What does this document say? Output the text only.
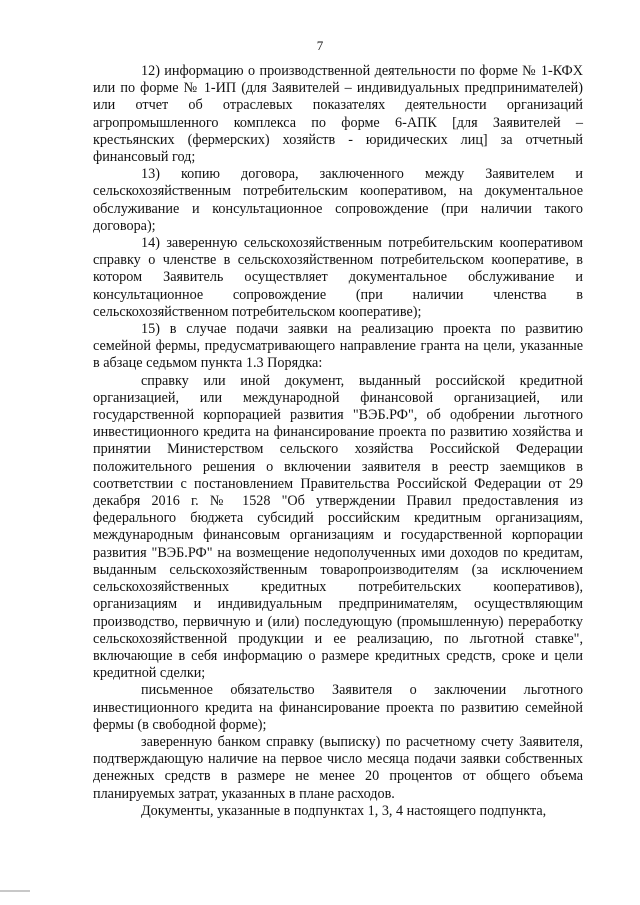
7

12) информацию о производственной деятельности по форме № 1-КФХ или по форме № 1-ИП (для Заявителей – индивидуальных предпринимателей) или отчет об отраслевых показателях деятельности организаций агропромышленного комплекса по форме 6-АПК [для Заявителей – крестьянских (фермерских) хозяйств - юридических лиц] за отчетный финансовый год;

13) копию договора, заключенного между Заявителем и сельскохозяйственным потребительским кооперативом, на документальное обслуживание и консультационное сопровождение (при наличии такого договора);

14) заверенную сельскохозяйственным потребительским кооперативом справку о членстве в сельскохозяйственном потребительском кооперативе, в котором Заявитель осуществляет документальное обслуживание и консультационное сопровождение (при наличии членства в сельскохозяйственном потребительском кооперативе);

15) в случае подачи заявки на реализацию проекта по развитию семейной фермы, предусматривающего направление гранта на цели, указанные в абзаце седьмом пункта 1.3 Порядка:

справку или иной документ, выданный российской кредитной организацией, или международной финансовой организацией, или государственной корпорацией развития "ВЭБ.РФ", об одобрении льготного инвестиционного кредита на финансирование проекта по развитию хозяйства и принятии Министерством сельского хозяйства Российской Федерации положительного решения о включении заявителя в реестр заемщиков в соответствии с постановлением Правительства Российской Федерации от 29 декабря 2016 г. № 1528 "Об утверждении Правил предоставления из федерального бюджета субсидий российским кредитным организациям, международным финансовым организациям и государственной корпорации развития "ВЭБ.РФ" на возмещение недополученных ими доходов по кредитам, выданным сельскохозяйственным товаропроизводителям (за исключением сельскохозяйственных кредитных потребительских кооперативов), организациям и индивидуальным предпринимателям, осуществляющим производство, первичную и (или) последующую (промышленную) переработку сельскохозяйственной продукции и ее реализацию, по льготной ставке", включающие в себя информацию о размере кредитных средств, сроке и цели кредитной сделки;

письменное обязательство Заявителя о заключении льготного инвестиционного кредита на финансирование проекта по развитию семейной фермы (в свободной форме);

заверенную банком справку (выписку) по расчетному счету Заявителя, подтверждающую наличие на первое число месяца подачи заявки собственных денежных средств в размере не менее 20 процентов от общего объема планируемых затрат, указанных в плане расходов.

Документы, указанные в подпунктах 1, 3, 4 настоящего подпункта,
